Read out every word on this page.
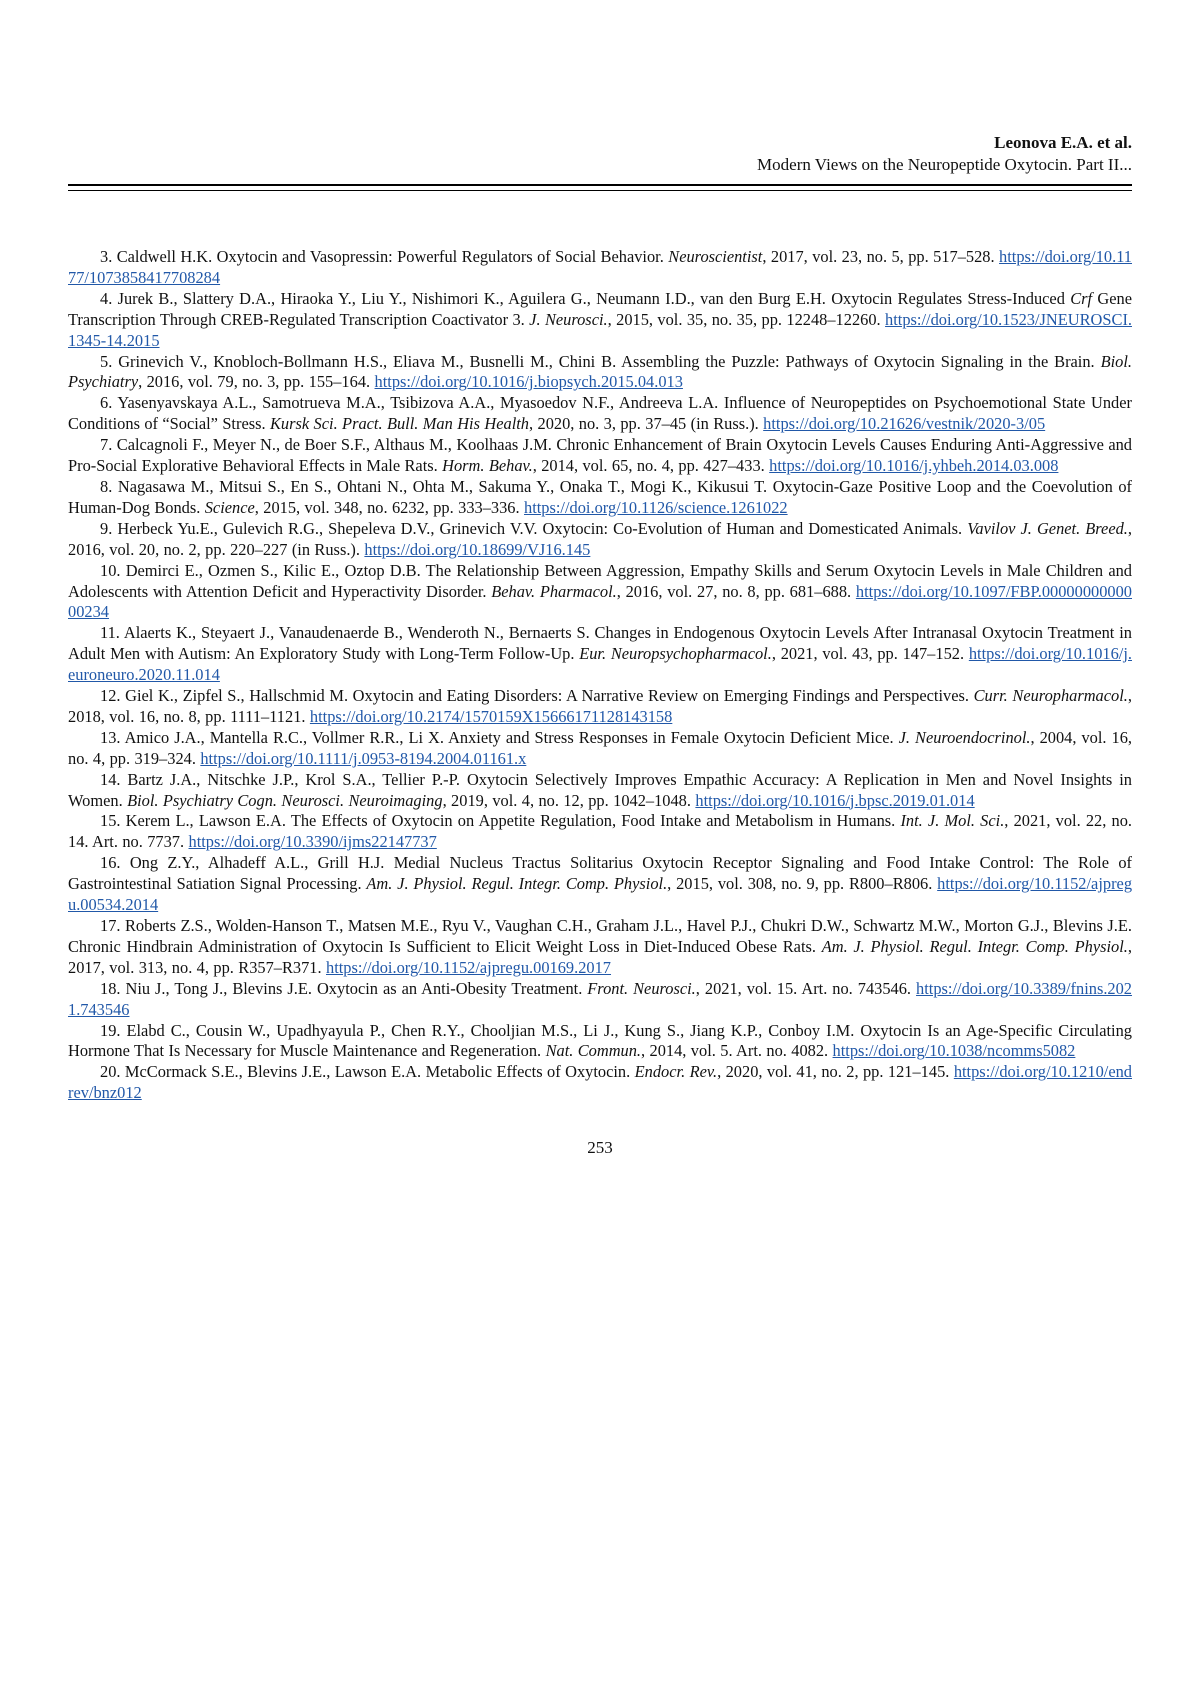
Leonova E.A. et al.
Modern Views on the Neuropeptide Oxytocin. Part II...

3. Caldwell H.K. Oxytocin and Vasopressin: Powerful Regulators of Social Behavior. Neuroscientist, 2017, vol. 23, no. 5, pp. 517–528. https://doi.org/10.1177/1073858417708284

4. Jurek B., Slattery D.A., Hiraoka Y., Liu Y., Nishimori K., Aguilera G., Neumann I.D., van den Burg E.H. Oxytocin Regulates Stress-Induced Crf Gene Transcription Through CREB-Regulated Transcription Coactivator 3. J. Neurosci., 2015, vol. 35, no. 35, pp. 12248–12260. https://doi.org/10.1523/JNEUROSCI.1345-14.2015

5. Grinevich V., Knobloch-Bollmann H.S., Eliava M., Busnelli M., Chini B. Assembling the Puzzle: Pathways of Oxytocin Signaling in the Brain. Biol. Psychiatry, 2016, vol. 79, no. 3, pp. 155–164. https://doi.org/10.1016/j.biopsych.2015.04.013

6. Yasenyavskaya A.L., Samotrueva M.A., Tsibizova A.A., Myasoedov N.F., Andreeva L.A. Influence of Neuropeptides on Psychoemotional State Under Conditions of “Social” Stress. Kursk Sci. Pract. Bull. Man His Health, 2020, no. 3, pp. 37–45 (in Russ.). https://doi.org/10.21626/vestnik/2020-3/05

7. Calcagnoli F., Meyer N., de Boer S.F., Althaus M., Koolhaas J.M. Chronic Enhancement of Brain Oxytocin Levels Causes Enduring Anti-Aggressive and Pro-Social Explorative Behavioral Effects in Male Rats. Horm. Behav., 2014, vol. 65, no. 4, pp. 427–433. https://doi.org/10.1016/j.yhbeh.2014.03.008

8. Nagasawa M., Mitsui S., En S., Ohtani N., Ohta M., Sakuma Y., Onaka T., Mogi K., Kikusui T. Oxytocin-Gaze Positive Loop and the Coevolution of Human-Dog Bonds. Science, 2015, vol. 348, no. 6232, pp. 333–336. https://doi.org/10.1126/science.1261022

9. Herbeck Yu.E., Gulevich R.G., Shepeleva D.V., Grinevich V.V. Oxytocin: Co-Evolution of Human and Domesticated Animals. Vavilov J. Genet. Breed., 2016, vol. 20, no. 2, pp. 220–227 (in Russ.). https://doi.org/10.18699/VJ16.145

10. Demirci E., Ozmen S., Kilic E., Oztop D.B. The Relationship Between Aggression, Empathy Skills and Serum Oxytocin Levels in Male Children and Adolescents with Attention Deficit and Hyperactivity Disorder. Behav. Pharmacol., 2016, vol. 27, no. 8, pp. 681–688. https://doi.org/10.1097/FBP.0000000000000234

11. Alaerts K., Steyaert J., Vanaudenaerde B., Wenderoth N., Bernaerts S. Changes in Endogenous Oxytocin Levels After Intranasal Oxytocin Treatment in Adult Men with Autism: An Exploratory Study with Long-Term Follow-Up. Eur. Neuropsychopharmacol., 2021, vol. 43, pp. 147–152. https://doi.org/10.1016/j.euroneuro.2020.11.014

12. Giel K., Zipfel S., Hallschmid M. Oxytocin and Eating Disorders: A Narrative Review on Emerging Findings and Perspectives. Curr. Neuropharmacol., 2018, vol. 16, no. 8, pp. 1111–1121. https://doi.org/10.2174/1570159X15666171128143158

13. Amico J.A., Mantella R.C., Vollmer R.R., Li X. Anxiety and Stress Responses in Female Oxytocin Deficient Mice. J. Neuroendocrinol., 2004, vol. 16, no. 4, pp. 319–324. https://doi.org/10.1111/j.0953-8194.2004.01161.x

14. Bartz J.A., Nitschke J.P., Krol S.A., Tellier P.-P. Oxytocin Selectively Improves Empathic Accuracy: A Replication in Men and Novel Insights in Women. Biol. Psychiatry Cogn. Neurosci. Neuroimaging, 2019, vol. 4, no. 12, pp. 1042–1048. https://doi.org/10.1016/j.bpsc.2019.01.014

15. Kerem L., Lawson E.A. The Effects of Oxytocin on Appetite Regulation, Food Intake and Metabolism in Humans. Int. J. Mol. Sci., 2021, vol. 22, no. 14. Art. no. 7737. https://doi.org/10.3390/ijms22147737

16. Ong Z.Y., Alhadeff A.L., Grill H.J. Medial Nucleus Tractus Solitarius Oxytocin Receptor Signaling and Food Intake Control: The Role of Gastrointestinal Satiation Signal Processing. Am. J. Physiol. Regul. Integr. Comp. Physiol., 2015, vol. 308, no. 9, pp. R800–R806. https://doi.org/10.1152/ajpregu.00534.2014

17. Roberts Z.S., Wolden-Hanson T., Matsen M.E., Ryu V., Vaughan C.H., Graham J.L., Havel P.J., Chukri D.W., Schwartz M.W., Morton G.J., Blevins J.E. Chronic Hindbrain Administration of Oxytocin Is Sufficient to Elicit Weight Loss in Diet-Induced Obese Rats. Am. J. Physiol. Regul. Integr. Comp. Physiol., 2017, vol. 313, no. 4, pp. R357–R371. https://doi.org/10.1152/ajpregu.00169.2017

18. Niu J., Tong J., Blevins J.E. Oxytocin as an Anti-Obesity Treatment. Front. Neurosci., 2021, vol. 15. Art. no. 743546. https://doi.org/10.3389/fnins.2021.743546

19. Elabd C., Cousin W., Upadhyayula P., Chen R.Y., Chooljian M.S., Li J., Kung S., Jiang K.P., Conboy I.M. Oxytocin Is an Age-Specific Circulating Hormone That Is Necessary for Muscle Maintenance and Regeneration. Nat. Commun., 2014, vol. 5. Art. no. 4082. https://doi.org/10.1038/ncomms5082

20. McCormack S.E., Blevins J.E., Lawson E.A. Metabolic Effects of Oxytocin. Endocr. Rev., 2020, vol. 41, no. 2, pp. 121–145. https://doi.org/10.1210/endrev/bnz012

253
